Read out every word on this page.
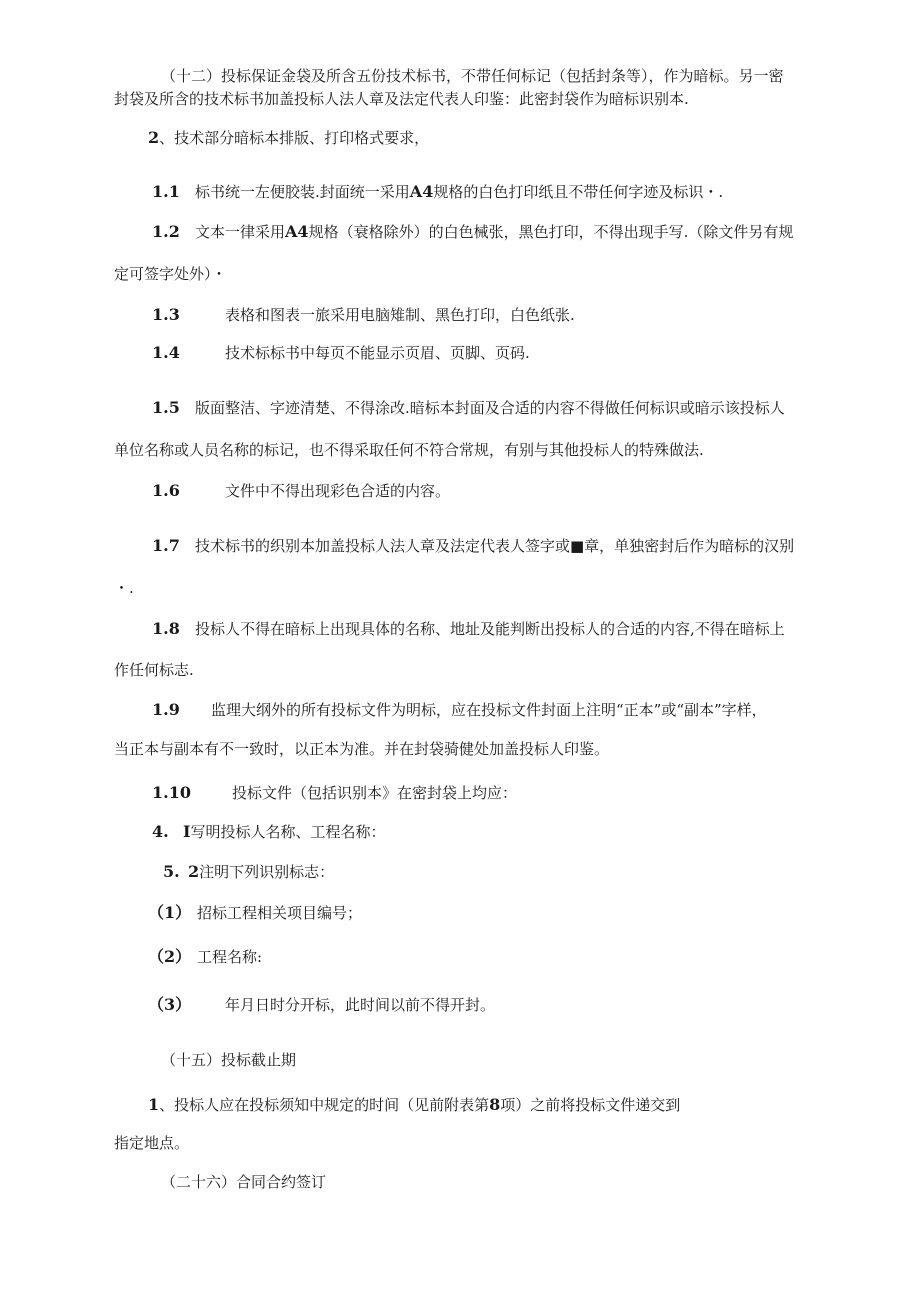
（十二）投标保证金袋及所含五份技术标书，不带任何标记（包括封条等），作为暗标。另一密
封袋及所含的技术标书加盖投标人法人章及法定代表人印鉴：此密封袋作为暗标识别本.
2、技术部分暗标本排版、打印格式要求，
1.1 标书统一左便胶装.封面统一采用A4规格的白色打印纸且不带任何字迹及标识・.
1.2 文本一律采用A4规格（衰格除外）的白色械张，黑色打印，不得出现手写.（除文件另有规
定可签字处外）・
1.3	表格和图表一旅采用电脑雉制、黑色打印，白色纸张.
1.4	技术标标书中每页不能显示页眉、页脚、页码.
1.5 版面整洁、字迹清楚、不得涂改.暗标本封面及合适的内容不得做任何标识或暗示该投标人
单位名称或人员名称的标记，也不得采取任何不符合常规，有别与其他投标人的特殊做法.
1.6	文件中不得出现彩色合适的内容。
1.7 技术标书的织别本加盖投标人法人章及法定代表人签字或■章，单独密封后作为暗标的汉别
・.
1.8 投标人不得在暗标上出现具体的名称、地址及能判断出投标人的合适的内容,不得在暗标上
作任何标志.
1.9 监理大纲外的所有投标文件为明标，应在投标文件封面上注明“正本”或“副本”字样，
当正本与副本有不一致时，以正本为准。并在封袋骑健处加盖投标人印鉴。
1.10	投标文件（包括识别本》在密封袋上均应：
4. I写明投标人名称、工程名称：
5. 2注明下列识别标志：
（1） 招标工程相关项目编号；
（2） 工程名称:
（3） 年月日时分开标，此时间以前不得开封。
（十五）投标截止期
1、投标人应在投标须知中规定的时间（见前附表第8项）之前将投标文件递交到
指定地点。
（二十六）合同合约签订
